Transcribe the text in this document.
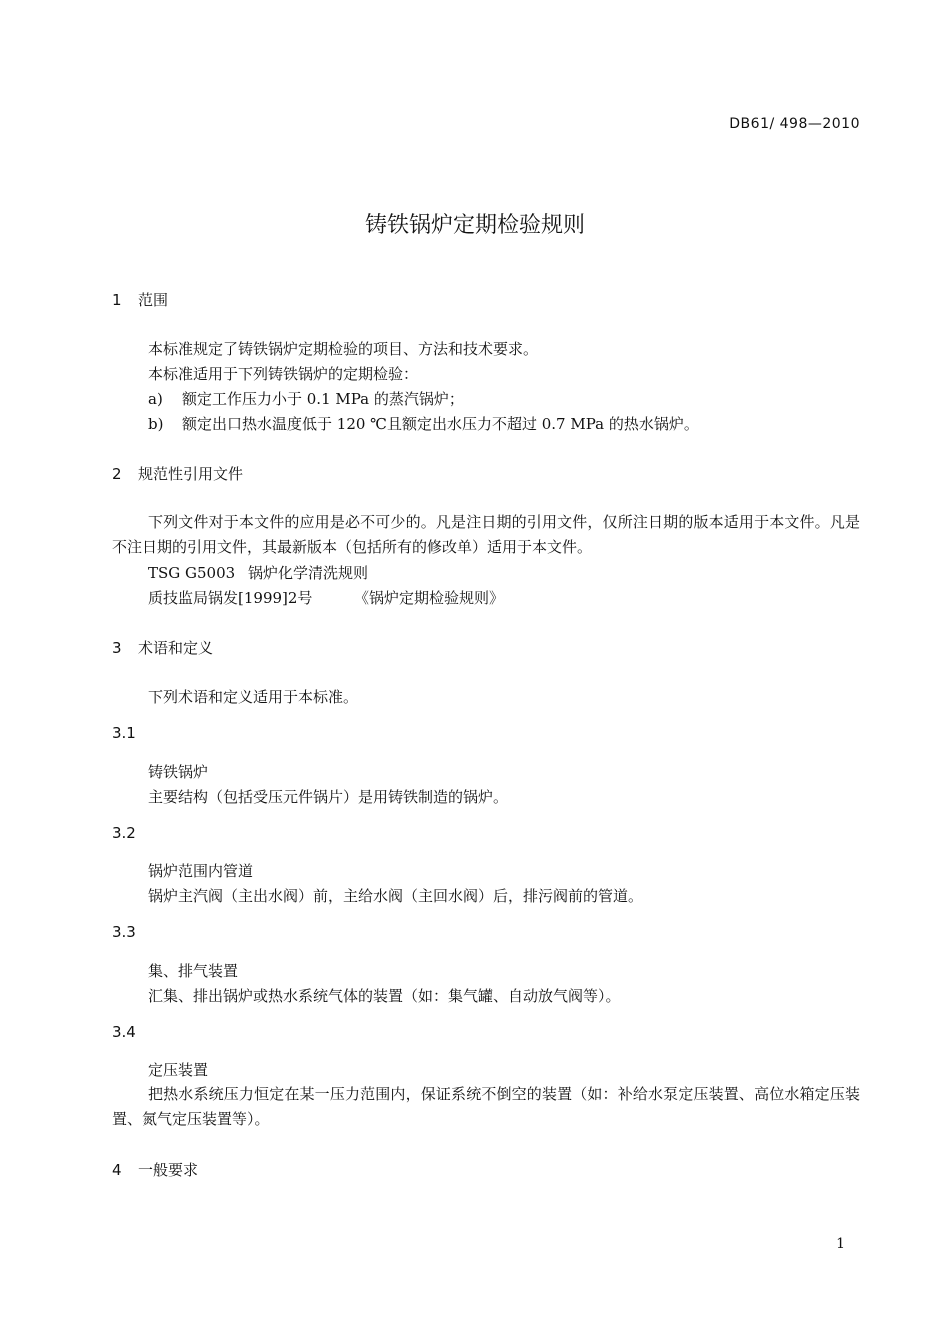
DB61/ 498—2010
铸铁锅炉定期检验规则
1 范围
本标准规定了铸铁锅炉定期检验的项目、方法和技术要求。
本标准适用于下列铸铁锅炉的定期检验：
a) 额定工作压力小于 0.1 MPa 的蒸汽锅炉；
b) 额定出口热水温度低于 120 ℃且额定出水压力不超过 0.7 MPa 的热水锅炉。
2 规范性引用文件
下列文件对于本文件的应用是必不可少的。凡是注日期的引用文件，仅所注日期的版本适用于本文件。凡是不注日期的引用文件，其最新版本（包括所有的修改单）适用于本文件。
TSG G5003 锅炉化学清洗规则
质技监局锅发[1999]2号	《锅炉定期检验规则》
3 术语和定义
下列术语和定义适用于本标准。
3.1
铸铁锅炉
主要结构（包括受压元件锅片）是用铸铁制造的锅炉。
3.2
锅炉范围内管道
锅炉主汽阀（主出水阀）前，主给水阀（主回水阀）后，排污阀前的管道。
3.3
集、排气装置
汇集、排出锅炉或热水系统气体的装置（如：集气罐、自动放气阀等）。
3.4
定压装置
把热水系统压力恒定在某一压力范围内，保证系统不倒空的装置（如：补给水泵定压装置、高位水箱定压装置、氮气定压装置等）。
4 一般要求
1
